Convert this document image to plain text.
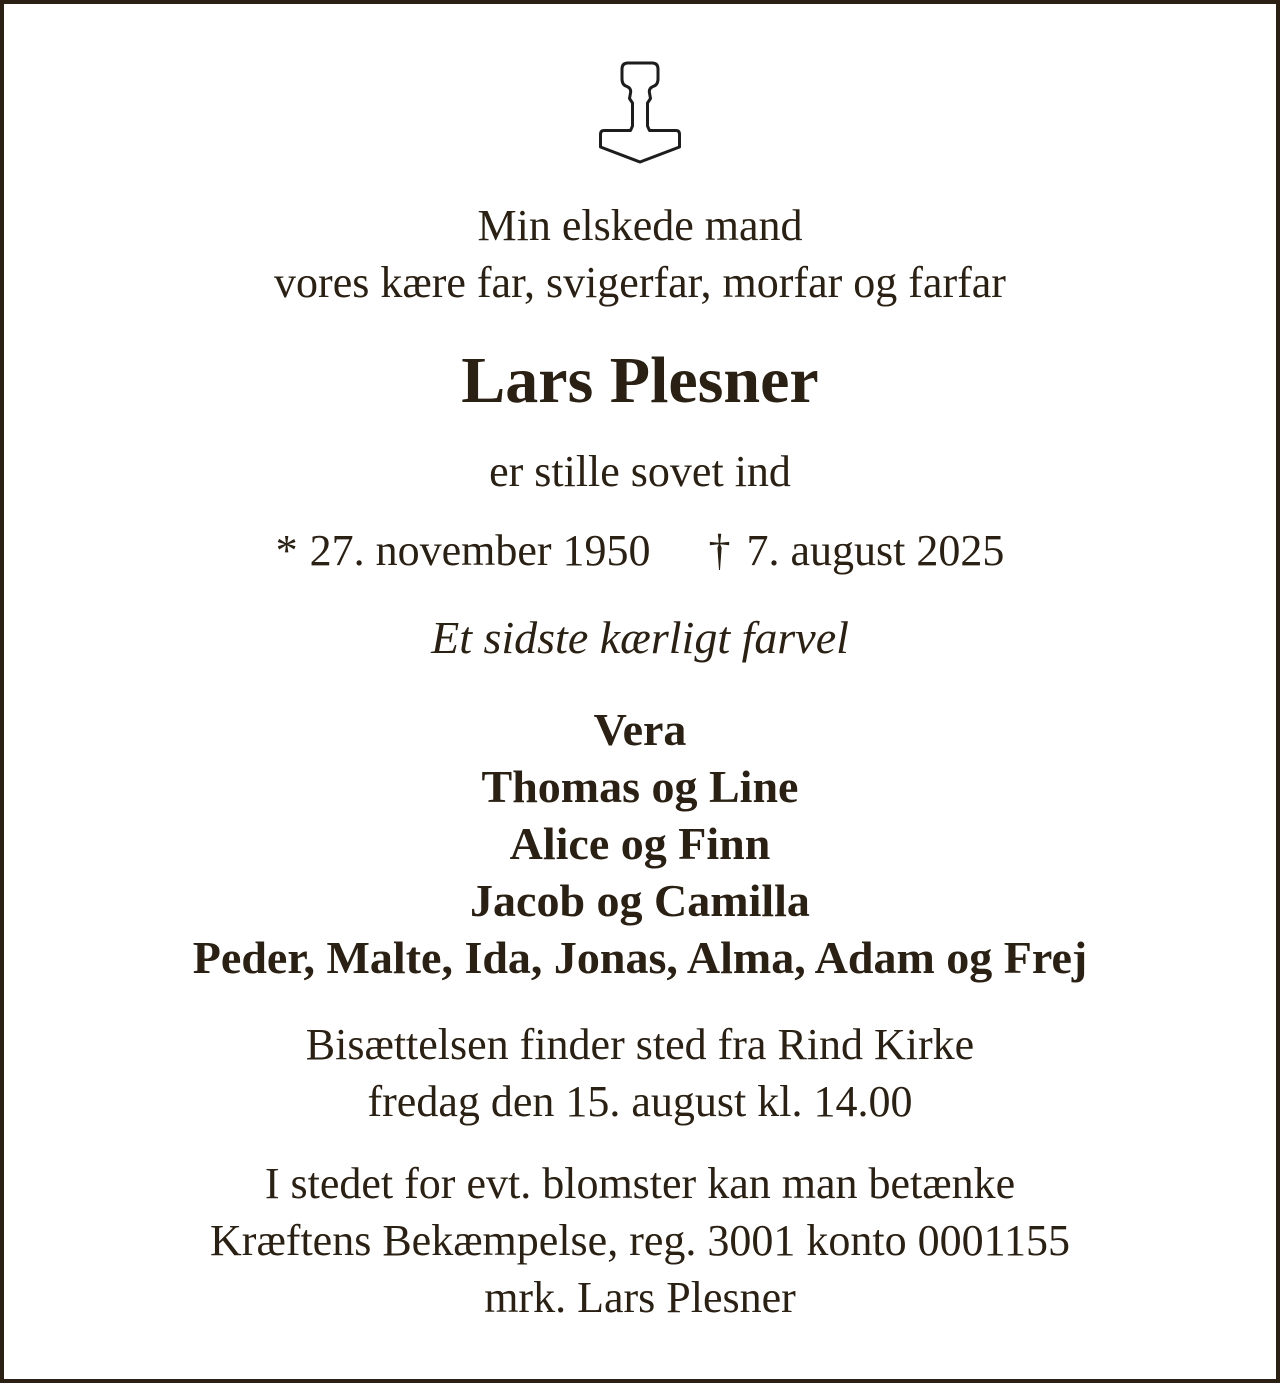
Min elskede mand
vores kære far, svigerfar, morfar og farfar
Lars Plesner
er stille sovet ind
* 27. november 1950 † 7. august 2025
Et sidste kærligt farvel
Vera
Thomas og Line
Alice og Finn
Jacob og Camilla
Peder, Malte, Ida, Jonas, Alma, Adam og Frej
Bisættelsen finder sted fra Rind Kirke
fredag den 15. august kl. 14.00
I stedet for evt. blomster kan man betænke
Kræftens Bekæmpelse, reg. 3001 konto 0001155
mrk. Lars Plesner
